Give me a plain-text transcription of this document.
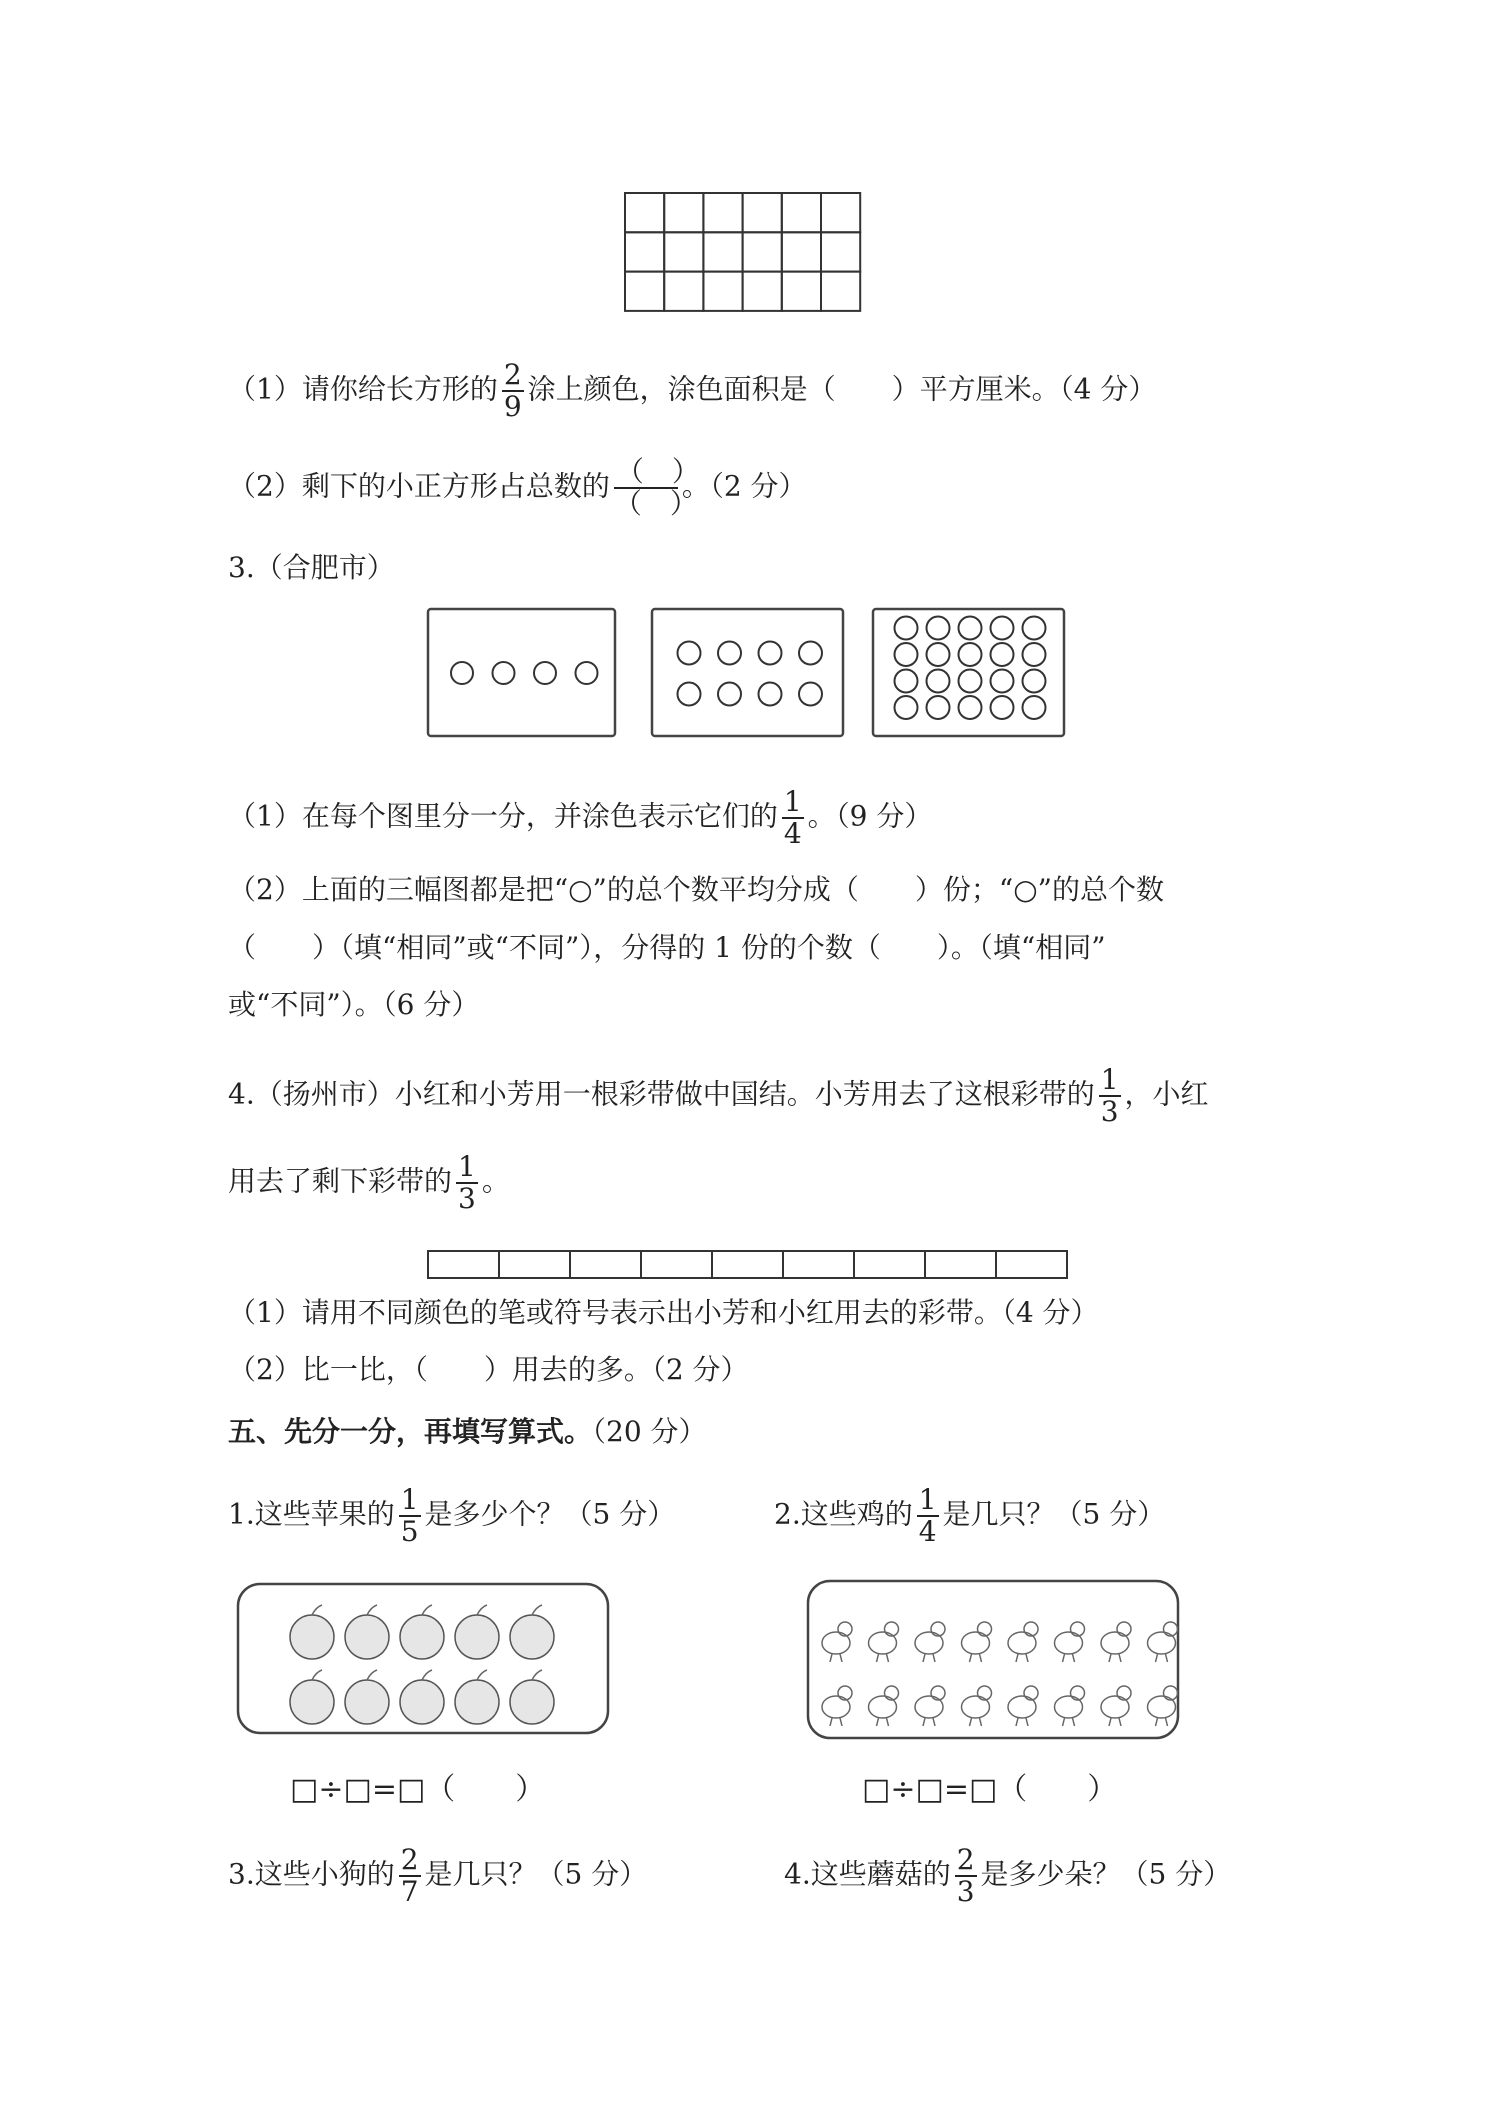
（1）请你给长方形的 $\frac{2}{9}$ 涂上颜色，涂色面积是（　　）平方厘米。（4 分）
（2）剩下的小正方形占总数的 $\frac{( )}{( )}$ 。（2 分）
3.（合肥市）
（1）在每个图里分一分，并涂色表示它们的 $\frac{1}{4}$ 。（9 分）
（2）上面的三幅图都是把“○”的总个数平均分成（　　）份；“○”的总个数
（　　）（填“相同”或“不同”），分得的 1 份的个数（　　）。（填“相同”
或“不同”）。（6 分）
4.（扬州市）小红和小芳用一根彩带做中国结。小芳用去了这根彩带的 $\frac{1}{3}$ ，小红
用去了剩下彩带的 $\frac{1}{3}$ 。
（1）请用不同颜色的笔或符号表示出小芳和小红用去的彩带。（4 分）
（2）比一比，（　　）用去的多。（2 分）
五、先分一分，再填写算式。（20 分）
1.这些苹果的 $\frac{1}{5}$ 是多少个？（5 分）	2.这些鸡的 $\frac{1}{4}$ 是几只？（5 分）
□÷□=□（　　）	□÷□=□（　　）
3.这些小狗的 $\frac{2}{7}$ 是几只？（5 分）	4.这些蘑菇的 $\frac{2}{3}$ 是多少朵？（5 分）
